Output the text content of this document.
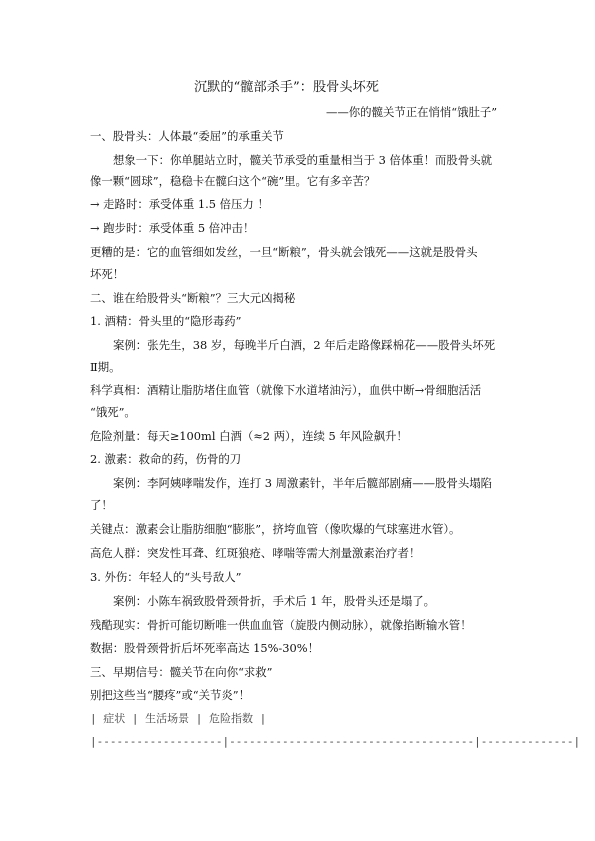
沉默的“髋部杀手”：股骨头坏死
——你的髋关节正在悄悄“饿肚子”
一、股骨头：人体最“委屈”的承重关节
想象一下：你单腿站立时，髋关节承受的重量相当于 3 倍体重！而股骨头就
像一颗“圆球”，稳稳卡在髋臼这个“碗”里。它有多辛苦？
→ 走路时：承受体重 1.5 倍压力 ！
→ 跑步时：承受体重 5 倍冲击！
更糟的是：它的血管细如发丝，一旦“断粮”，骨头就会饿死——这就是股骨头
坏死！
二、谁在给股骨头“断粮”？三大元凶揭秘
1. 酒精：骨头里的“隐形毒药”
案例：张先生，38 岁，每晚半斤白酒，2 年后走路像踩棉花——股骨头坏死
Ⅱ期。
科学真相：酒精让脂肪堵住血管（就像下水道堵油污），血供中断→骨细胞活活
“饿死”。
危险剂量：每天≥100ml 白酒（≈2 两），连续 5 年风险飙升！
2. 激素：救命的药，伤骨的刀
案例：李阿姨哮喘发作，连打 3 周激素针，半年后髋部剧痛——股骨头塌陷
了！
关键点：激素会让脂肪细胞“膨胀”，挤垮血管（像吹爆的气球塞进水管）。
高危人群：突发性耳聋、红斑狼疮、哮喘等需大剂量激素治疗者！
3. 外伤：年轻人的“头号敌人”
案例：小陈车祸致股骨颈骨折，手术后 1 年，股骨头还是塌了。
残酷现实：骨折可能切断唯一供血血管（旋股内侧动脉），就像掐断输水管！
数据：股骨颈骨折后坏死率高达 15%-30%！
三、早期信号：髋关节在向你“求救”
别把这些当“腰疼”或“关节炎”！
| 症状 | 生活场景 | 危险指数 |
|-------------------|-------------------------------------|--------------|
